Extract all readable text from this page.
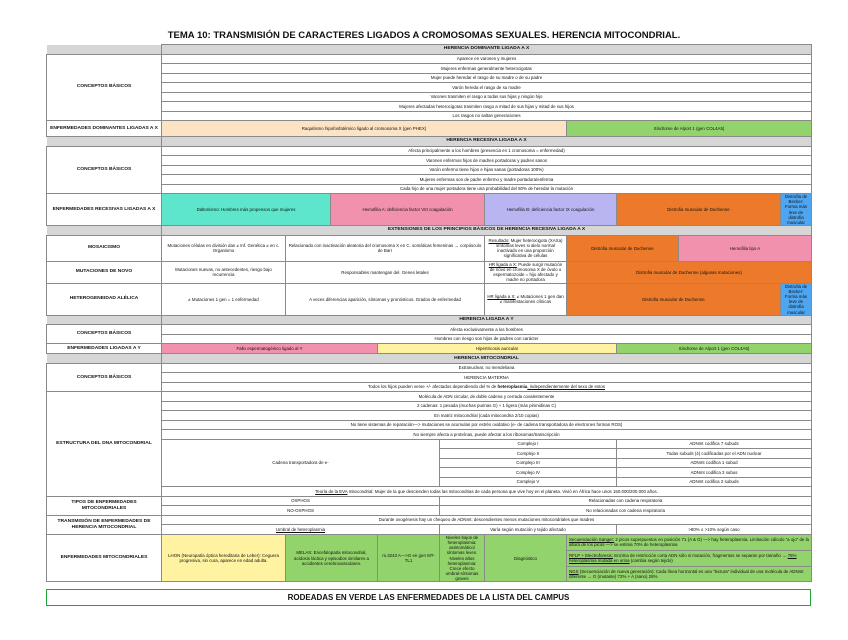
TEMA 10: TRANSMISIÓN DE CARACTERES LIGADOS A CROMOSOMAS SEXUALES. HERENCIA MITOCONDRIAL.
	HERENCIA DOMINANTE LIGADA A X									
CONCEPTOS BÁSICOS	Aparece en varones y mujeres									
	Mujeres enfermas generalmente heterocigotas									
	Mujer puede heredar el rasgo de su madre o de su padre									
	Varón hereda el rasgo de su madre									
	Varones trasmiten el rasgo a todas sus hijas y ningún hijo									
	Mujeres afectadas heterocigotas trasmiten rasgo a mitad de sus hijas y mitad de sus hijos									
	Los rasgos no saltan generaciones									
ENFERMEDADES DOMINANTES LIGADAS A X	Raquitismo hipofosfatémico ligado al cromosoma X (gen PHEX)						Síndrome de Alport 1 (gen COL4A5)			
	HERENCIA RECESIVA LIGADA A X									
CONCEPTOS BÁSICOS	Afecta principalmente a los hombres (presencia en 1 cromosoma = enfermedad)									
	Varones enfermos hijos de madres portadoras y padres sanos									
	Varón enfermo tiene hijos e hijas sanas (portadoras 100%)									
	Mujeres enfermas son de padre enfermo y madre portadora/enferma									
	Cada hijo de una mujer portadora tiene una probabilidad del 50% de heredar la mutación									
ENFERMEDADES RECESIVAS LIGADAS A X	Daltonismo: Hombres más propensos que mujeres		Hemofilia A: deficiencia factor VIII coagulación			Hemofilia B: deficiencia factor IX coagulación		Distrofia muscular de Duchenne		Distrofia de Becker: Forma más leve de distrofia muscular
	EXTENSIONES DE LOS PRINCIPIOS BÁSICOS DE HERENCIA RECESIVA LIGADA A X									
MOSAICISMO	Mutaciones células en división dan ≠ Inf. Genética ≠ en c. Organismo	Relacionado con inactivación aleatoria del cromosoma X en C. somáticas femeninas → corpúsculo de Barr				Resultado: Mujer heterocigota (XAXa) síntomas leves si alelo normal inactivado en una proporción significativa de células	Distrofia muscular de Duchenne		Hemofilia tipo A	
MUTACIONES DE NOVO	Mutaciones nuevas, no antecedentes, riesgo bajo recurrencia	Responsables mantengan del. Genes letales				HR ligada a X: Puede surgir mutación de novo en cromosoma X de óvulo o espermatozoide = hijo afectado y madre no portadora	Distrofia muscular de Duchenne (algunas mutaciones)			
HETEROGENEIDAD ALÉLICA	≠ Mutaciones 1 gen = 1 enfermedad	A veces diferencias aparición, síntomas y pronósticos. Grados de enfermedad				HR ligada a X: ≠ Mutaciones 1 gen dan ≠ manifestaciones clínicas	Distrofia muscular de Duchenne			Distrofia de Becker: Forma más leve de distrofia muscular
	HERENCIA LIGADA A Y									
CONCEPTOS BÁSICOS	Afecta exclusivamente a los hombres									
	Hombres con riesgo son hijos de padres con carácter									
ENFERMEDADES LIGADAS A Y	Fallo espermatogénico ligado al Y			Hipertricosis auricular				Síndrome de Alport 1 (gen COL4A5)		
	HERENCIA MITOCONDRIAL									
CONCEPTOS BÁSICOS	Extranuclear, no mendeliana									
	HERENCIA MATERNA									
	Todos los hijos pueden verse +/- afectados dependiendo del % de heteroplasmia, independientemente del sexo de estos									
ESTRUCTURA DEL DNA MITOCONDRIAL	Molécula de ADN circular, de doble cadena y cerrada covalentemente									
	2 cadenas: 1 pesada (muchas purinas G) + 1 ligera (más pirimidinas C)									
	En matriz mitocondrial (cada mitocondria 2/10 copias)									
	No tiene sistemas de reparación—> mutaciones se acumulan por estrés oxidativo (e- de cadena transportadora de electrones forman ROS)									
	No siempre afecta a proteínas, puede afectar a los ribosomas/transcripción									
	Cadena transportadora de e-				Complejo I			ADNmt codifica 7 subuds		
					Complejo II			Todas subuds (4) codificadas por el ADN nuclear		
					Complejo III			ADNmt codifica 1 subud		
					Complejo IV			ADNmt codifica 3 subus		
					Complejo V			ADNmt codifica 2 subuds		
	Teoría de la EVA mitocondrial: Mujer de la que descienden todas las mitocondrias de cada persona que vive hoy en el planeta. Vivió en África hace unos 150.000/200.000 años.									
TIPOS DE ENFERMEDADES MITOCONDRIALES	OXPHOS				Relacionadas con cadena respiratoria					
	NO-OXPHOS				No relacionadas con cadena respiratoria					
TRANSMISIÓN DE ENFERMEDADES DE HERENCIA MITOCONDRIAL	Durante ovogénesis hay un chequeo de ADNmt: descendientes menos mutaciones mitocondriales que madres									
	Umbral de heteroplasmia				Varía según mutación y tejido afectado			>80% o >10% según caso		
ENFERMEDADES MITOCONDRIALES	LHON (Neuropatía óptica hereditaria de Leber): Ceguera progresiva, sin cura, aparece en edad adulta.	MELAS: Encefalopatía mitocondrial, acidosis láctica y episodios similares a accidentes cerebrovasculares.		m.3243 A—>G en gen MT-TL1	Niveles bajos de heteroplasmia: asintomático/ síntomas leves. Niveles altos heteroplasmia: Crece efecto umbral-síntomas graves	Diagnóstico	Secuenciación Sanger: 2 picos superpuestos en posición 71 (A & G) —> hay heteroplasmia. Limitación cálculo "a ojo" de la altura de los picos —> se estima 70% de heteroplasmia			
							RFLP + Electroforesis: Enzima de restricción corta ADN sólo si mutación, fragmentos se separan por tamaño → 78% heteroplasmia mutada en orina (cambia según tejido)			
							NGS (Secuenciación de nueva generación): Cada línea horizontal es una "lectura" individual de una molécula de ADNmt diferente → G (mutante) 72% + A (sano) 28%			
RODEADAS EN VERDE LAS ENFERMEDADES DE LA LISTA DEL CAMPUS
